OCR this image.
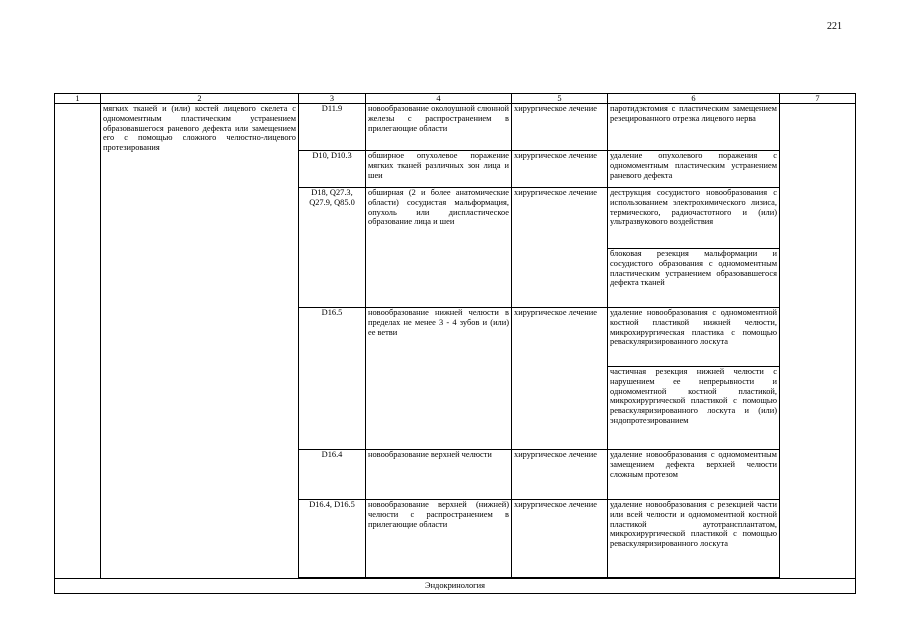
221
1	2	3	4	5	6	7
	мягких тканей и (или) костей лицевого скелета с одномоментным пластическим устранением образовавшегося раневого дефекта или замещением его с помощью сложного челюстно-лицевого протезирования	D11.9	новообразование околоушной слюнной железы с распространением в прилегающие области	хирургическое лечение	паротидэктомия с пластическим замещением резецированного отрезка лицевого нерва	
		D10, D10.3	обширное опухолевое поражение мягких тканей различных зон лица и шеи	хирургическое лечение	удаление опухолевого поражения с одномоментным пластическим устранением раневого дефекта	
		D18, Q27.3, Q27.9, Q85.0	обширная (2 и более анатомические области) сосудистая мальформация, опухоль или диспластическое образование лица и шеи	хирургическое лечение	деструкция сосудистого новообразования с использованием электрохимического лизиса, термического, радиочастотного и (или) ультразвукового воздействия	
					блоковая резекция мальформации и сосудистого образования с одномоментным пластическим устранением образовавшегося дефекта тканей	
		D16.5	новообразование нижней челюсти в пределах не менее 3 - 4 зубов и (или) ее ветви	хирургическое лечение	удаление новообразования с одномоментной костной пластикой нижней челюсти, микрохирургическая пластика с помощью реваскуляризированного лоскута	
					частичная резекция нижней челюсти с нарушением ее непрерывности и одномоментной костной пластикой, микрохирургической пластикой с помощью реваскуляризированного лоскута и (или) эндопротезированием	
		D16.4	новообразование верхней челюсти	хирургическое лечение	удаление новообразования с одномоментным замещением дефекта верхней челюсти сложным протезом	
		D16.4, D16.5	новообразование верхней (нижней) челюсти с распространением в прилегающие области	хирургическое лечение	удаление новообразования с резекцией части или всей челюсти и одномоментной костной пластикой аутотрансплантатом, микрохирургической пластикой с помощью реваскуляризированного лоскута	

Эндокринология						
